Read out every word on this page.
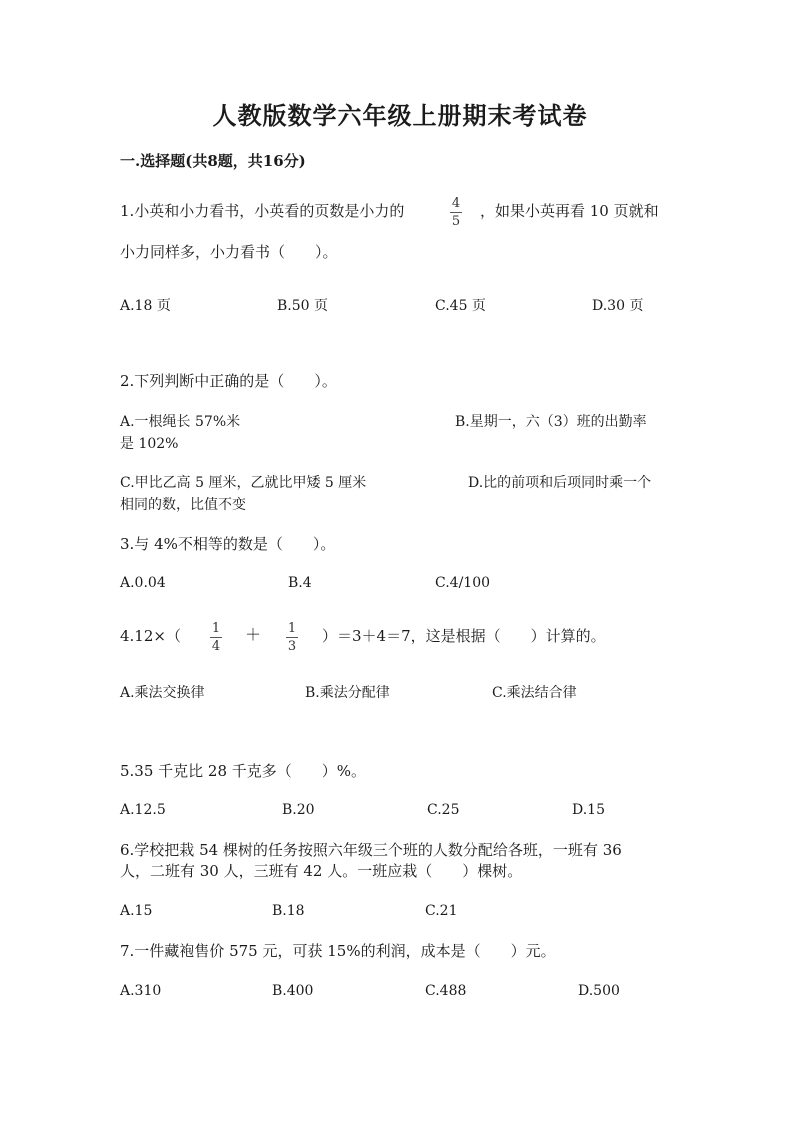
人教版数学六年级上册期末考试卷
一.选择题(共8题，共16分)
1.小英和小力看书，小英看的页数是小力的	4
5
，如果小英再看 10 页就和
小力同样多，小力看书（　　）。
A.18 页	B.50 页	C.45 页	D.30 页
2.下列判断中正确的是（　　）。
A.一根绳长 57%米	B.星期一，六（3）班的出勤率
是 102%
C.甲比乙高 5 厘米，乙就比甲矮 5 厘米	D.比的前项和后项同时乘一个
相同的数，比值不变
3.与 4%不相等的数是（　　）。
A.0.04	B.4	C.4/100
4.12×（ 1
4
＋ 1
3
）＝3＋4＝7，这是根据（　　）计算的。
A.乘法交换律	B.乘法分配律	C.乘法结合律
5.35 千克比 28 千克多（　　）%。
A.12.5	B.20	C.25	D.15
6.学校把栽 54 棵树的任务按照六年级三个班的人数分配给各班，一班有 36
人，二班有 30 人，三班有 42 人。一班应栽（　　）棵树。
A.15	B.18	C.21
7.一件藏袍售价 575 元，可获 15%的利润，成本是（　　）元。
A.310	B.400	C.488	D.500
